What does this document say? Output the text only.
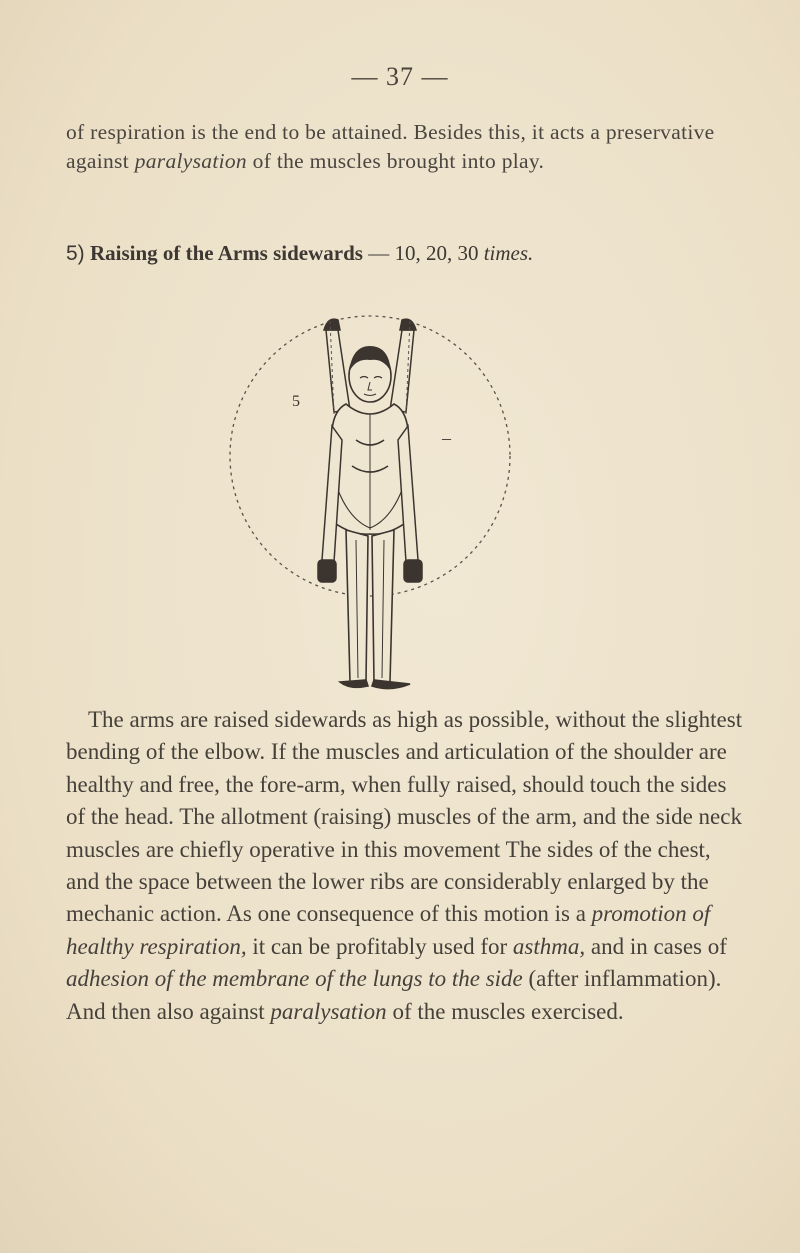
— 37 —

of respiration is the end to be attained. Besides this, it acts a preservative against paralysation of the muscles brought into play.

5) Raising of the Arms sidewards — 10, 20, 30 times.
5
–

The arms are raised sidewards as high as possible, without the slightest bending of the elbow. If the muscles and articulation of the shoulder are healthy and free, the fore-arm, when fully raised, should touch the sides of the head. The allotment (raising) muscles of the arm, and the side neck muscles are chiefly operative in this movement The sides of the chest, and the space between the lower ribs are considerably enlarged by the mechanic action. As one consequence of this motion is a promotion of healthy respiration, it can be profitably used for asthma, and in cases of adhesion of the membrane of the lungs to the side (after inflammation). And then also against paralysation of the muscles exercised.
